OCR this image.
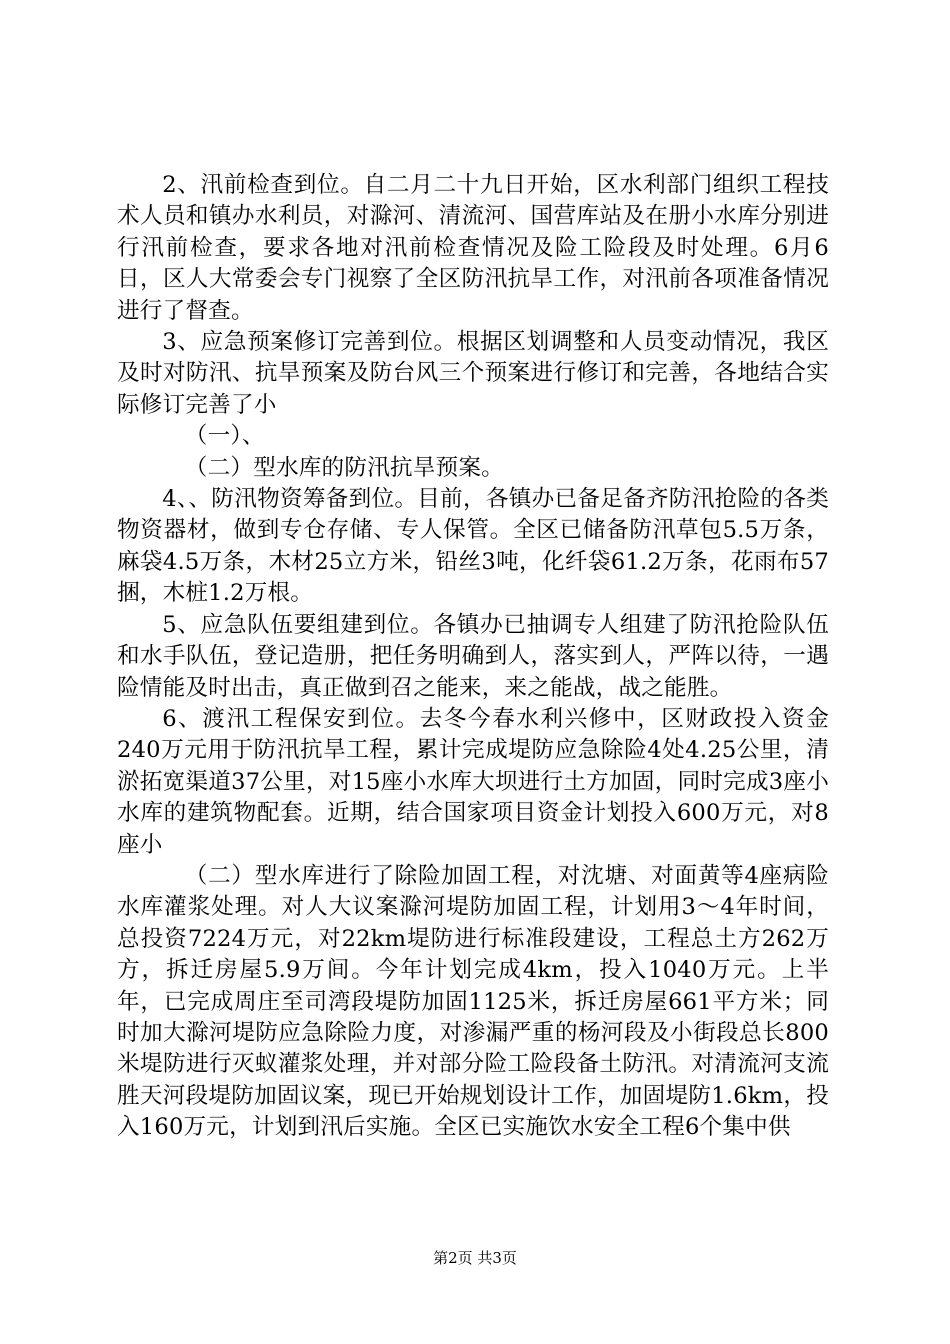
2、汛前检查到位。自二月二十九日开始，区水利部门组织工程技术人员和镇办水利员，对滁河、清流河、国营库站及在册小水库分别进行汛前检查，要求各地对汛前检查情况及险工险段及时处理。6月6日，区人大常委会专门视察了全区防汛抗旱工作，对汛前各项准备情况进行了督查。

3、应急预案修订完善到位。根据区划调整和人员变动情况，我区及时对防汛、抗旱预案及防台风三个预案进行修订和完善，各地结合实际修订完善了小

（一）、

（二）型水库的防汛抗旱预案。

4、、防汛物资筹备到位。目前，各镇办已备足备齐防汛抢险的各类物资器材，做到专仓存储、专人保管。全区已储备防汛草包5.5万条，麻袋4.5万条，木材25立方米，铅丝3吨，化纤袋61.2万条，花雨布57捆，木桩1.2万根。

5、应急队伍要组建到位。各镇办已抽调专人组建了防汛抢险队伍和水手队伍，登记造册，把任务明确到人，落实到人，严阵以待，一遇险情能及时出击，真正做到召之能来，来之能战，战之能胜。

6、渡汛工程保安到位。去冬今春水利兴修中，区财政投入资金240万元用于防汛抗旱工程，累计完成堤防应急除险4处4.25公里，清淤拓宽渠道37公里，对15座小水库大坝进行土方加固，同时完成3座小水库的建筑物配套。近期，结合国家项目资金计划投入600万元，对8座小

（二）型水库进行了除险加固工程，对沈塘、对面黄等4座病险水库灌浆处理。对人大议案滁河堤防加固工程，计划用3～4年时间，总投资7224万元，对22km堤防进行标准段建设，工程总土方262万方，拆迁房屋5.9万间。今年计划完成4km，投入1040万元。上半年，已完成周庄至司湾段堤防加固1125米，拆迁房屋661平方米；同时加大滁河堤防应急除险力度，对渗漏严重的杨河段及小街段总长800米堤防进行灭蚁灌浆处理，并对部分险工险段备土防汛。对清流河支流胜天河段堤防加固议案，现已开始规划设计工作，加固堤防1.6km，投入160万元，计划到汛后实施。全区已实施饮水安全工程6个集中供

第2页 共3页
